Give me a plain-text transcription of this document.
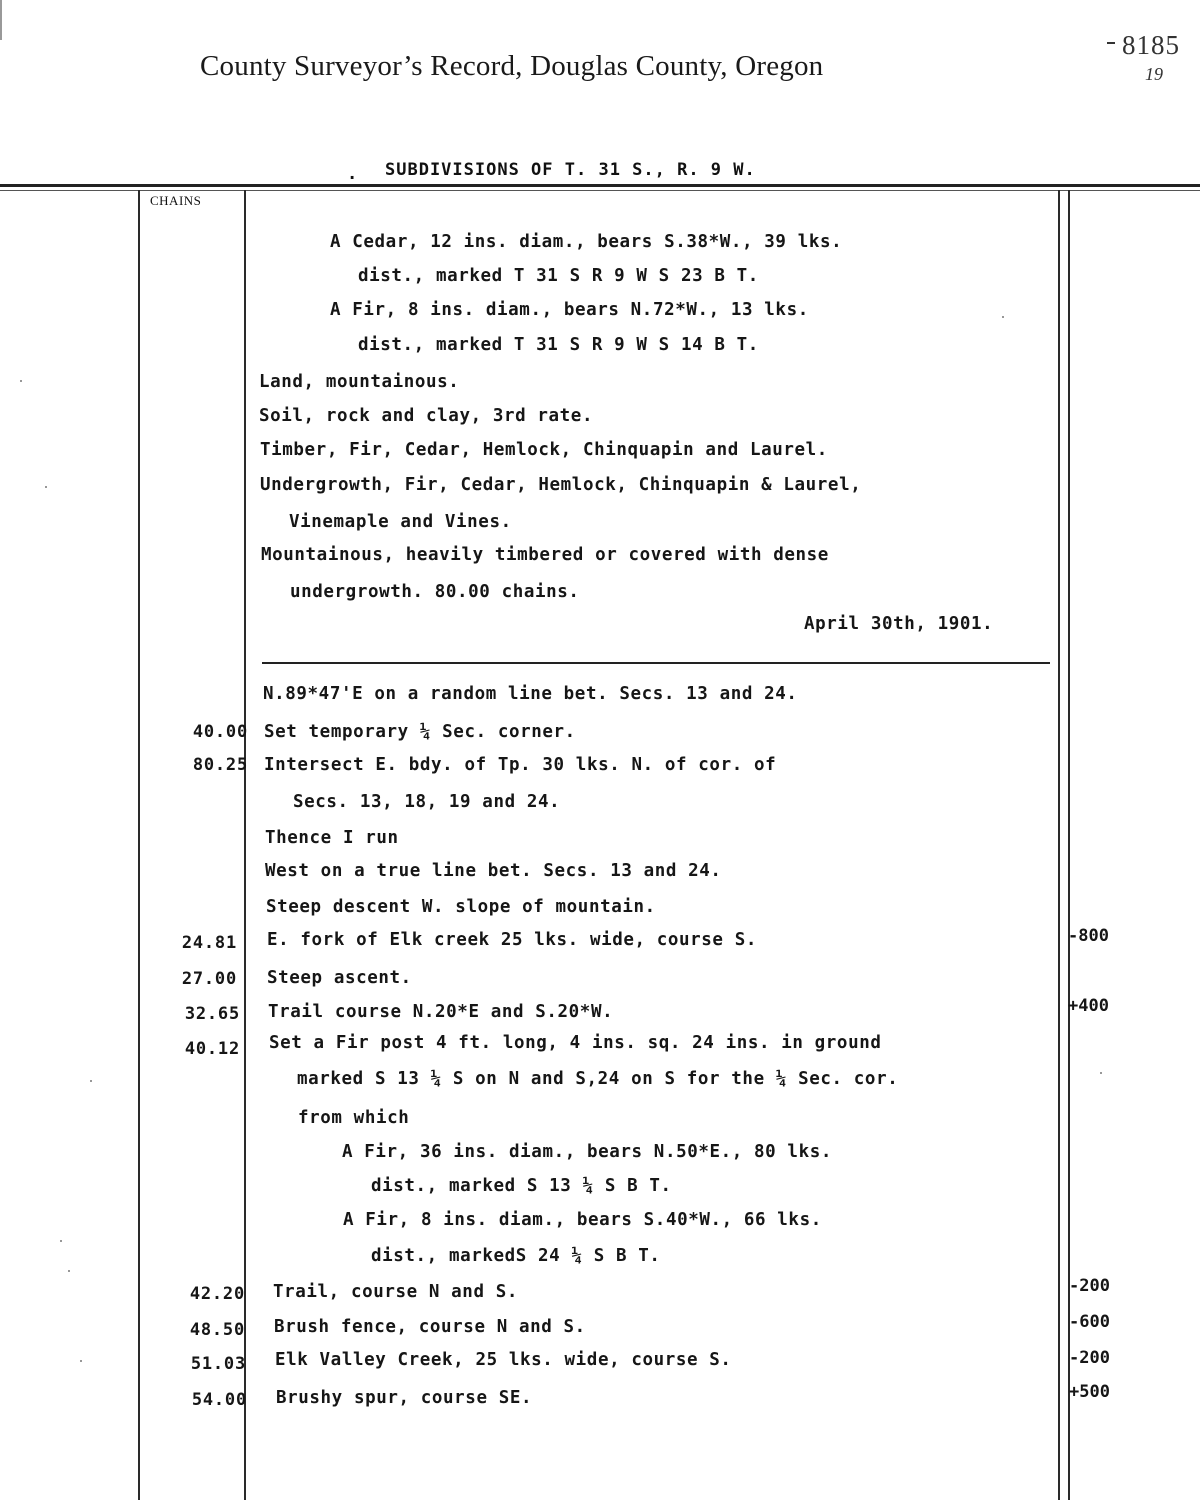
County Surveyor’s Record, Douglas County, Oregon
8185
19
. SUBDIVISIONS OF T. 31 S., R. 9 W.
CHAINS
A Cedar, 12 ins. diam., bears S.38*W., 39 lks.
dist., marked T 31 S R 9 W S 23 B T.
A Fir, 8 ins. diam., bears N.72*W., 13 lks.
dist., marked T 31 S R 9 W S 14 B T.
Land, mountainous.
Soil, rock and clay, 3rd rate.
Timber, Fir, Cedar, Hemlock, Chinquapin and Laurel.
Undergrowth, Fir, Cedar, Hemlock, Chinquapin & Laurel,
Vinemaple and Vines.
Mountainous, heavily timbered or covered with dense
undergrowth. 80.00 chains.
April 30th, 1901.
N.89*47'E on a random line bet. Secs. 13 and 24.
40.00 Set temporary ¼ Sec. corner.
80.25 Intersect E. bdy. of Tp. 30 lks. N. of cor. of
Secs. 13, 18, 19 and 24.
Thence I run
West on a true line bet. Secs. 13 and 24.
Steep descent W. slope of mountain.
24.81 E. fork of Elk creek 25 lks. wide, course S.	-800
27.00 Steep ascent.
32.65 Trail course N.20*E and S.20*W.	+400
40.12 Set a Fir post 4 ft. long, 4 ins. sq. 24 ins. in ground
marked S 13 ¼ S on N and S,24 on S for the ¼ Sec. cor.
from which
A Fir, 36 ins. diam., bears N.50*E., 80 lks.
dist., marked S 13 ¼ S B T.
A Fir, 8 ins. diam., bears S.40*W., 66 lks.
dist., markedS 24 ¼ S B T.
42.20 Trail, course N and S.	-200
48.50 Brush fence, course N and S.	-600
51.03 Elk Valley Creek, 25 lks. wide, course S.	-200
54.00 Brushy spur, course SE.	+500
